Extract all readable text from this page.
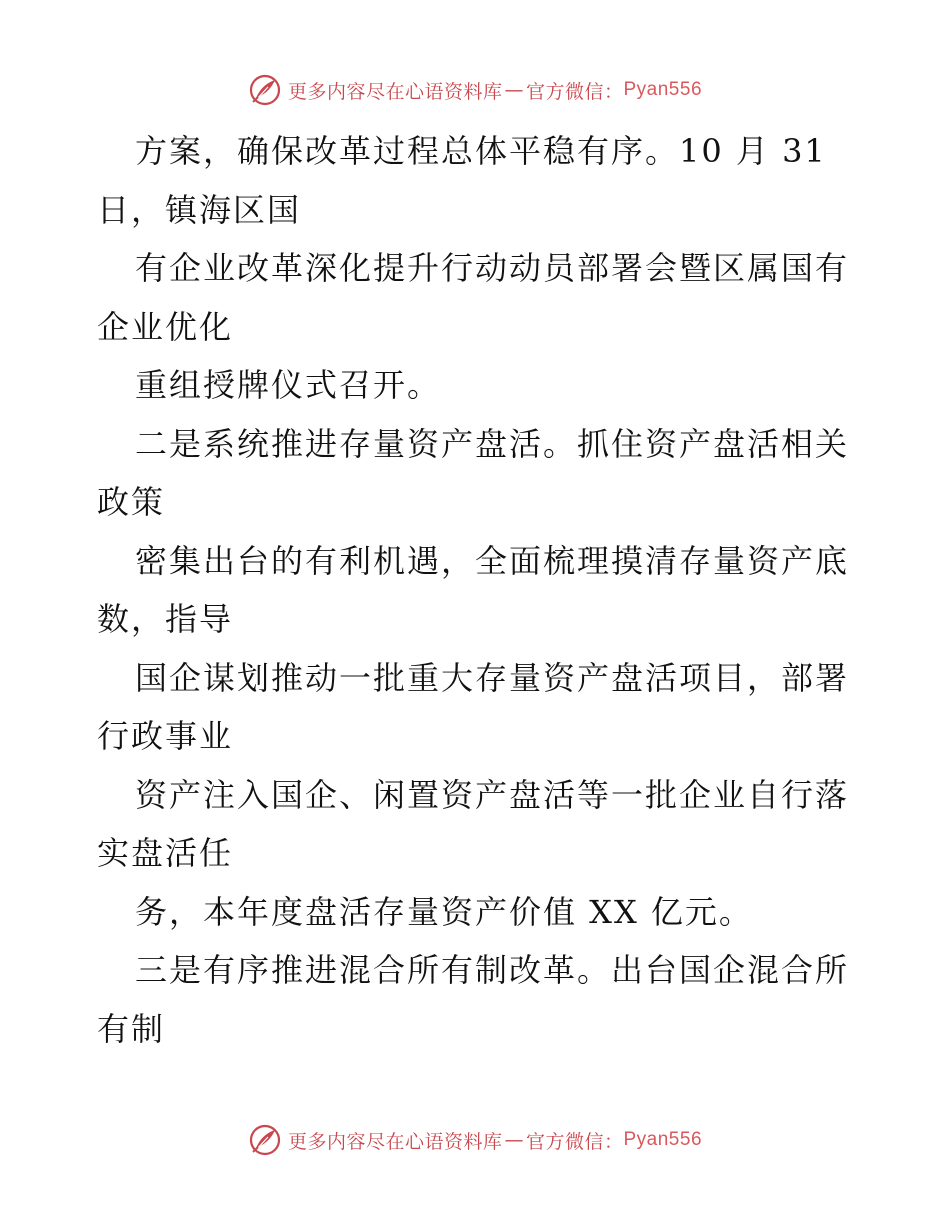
更多内容尽在心语资料库 — 官方微信： Pyan556
方案，确保改革过程总体平稳有序。10 月 31
日，镇海区国
有企业改革深化提升行动动员部署会暨区属国有
企业优化
重组授牌仪式召开。
二是系统推进存量资产盘活。抓住资产盘活相关
政策
密集出台的有利机遇，全面梳理摸清存量资产底
数，指导
国企谋划推动一批重大存量资产盘活项目，部署
行政事业
资产注入国企、闲置资产盘活等一批企业自行落
实盘活任
务，本年度盘活存量资产价值 XX 亿元。
三是有序推进混合所有制改革。出台国企混合所
有制
更多内容尽在心语资料库 — 官方微信： Pyan556
